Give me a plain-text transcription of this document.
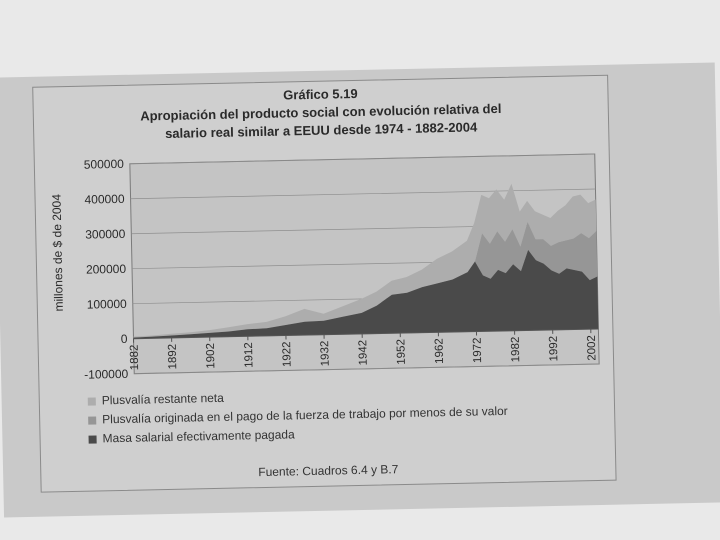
Gráfico 5.19
Apropiación del producto social con evolución relativa del
salario real similar a EEUU desde 1974 - 1882-2004
500000
400000
300000
200000
100000
0
-100000
millones de $ de 2004
1882 1892 1902 1912 1922 1932 1942 1952 1962 1972 1982 1992 2002
Plusvalía restante neta
Plusvalía originada en el pago de la fuerza de trabajo por menos de su valor
Masa salarial efectivamente pagada
Fuente: Cuadros 6.4 y B.7
